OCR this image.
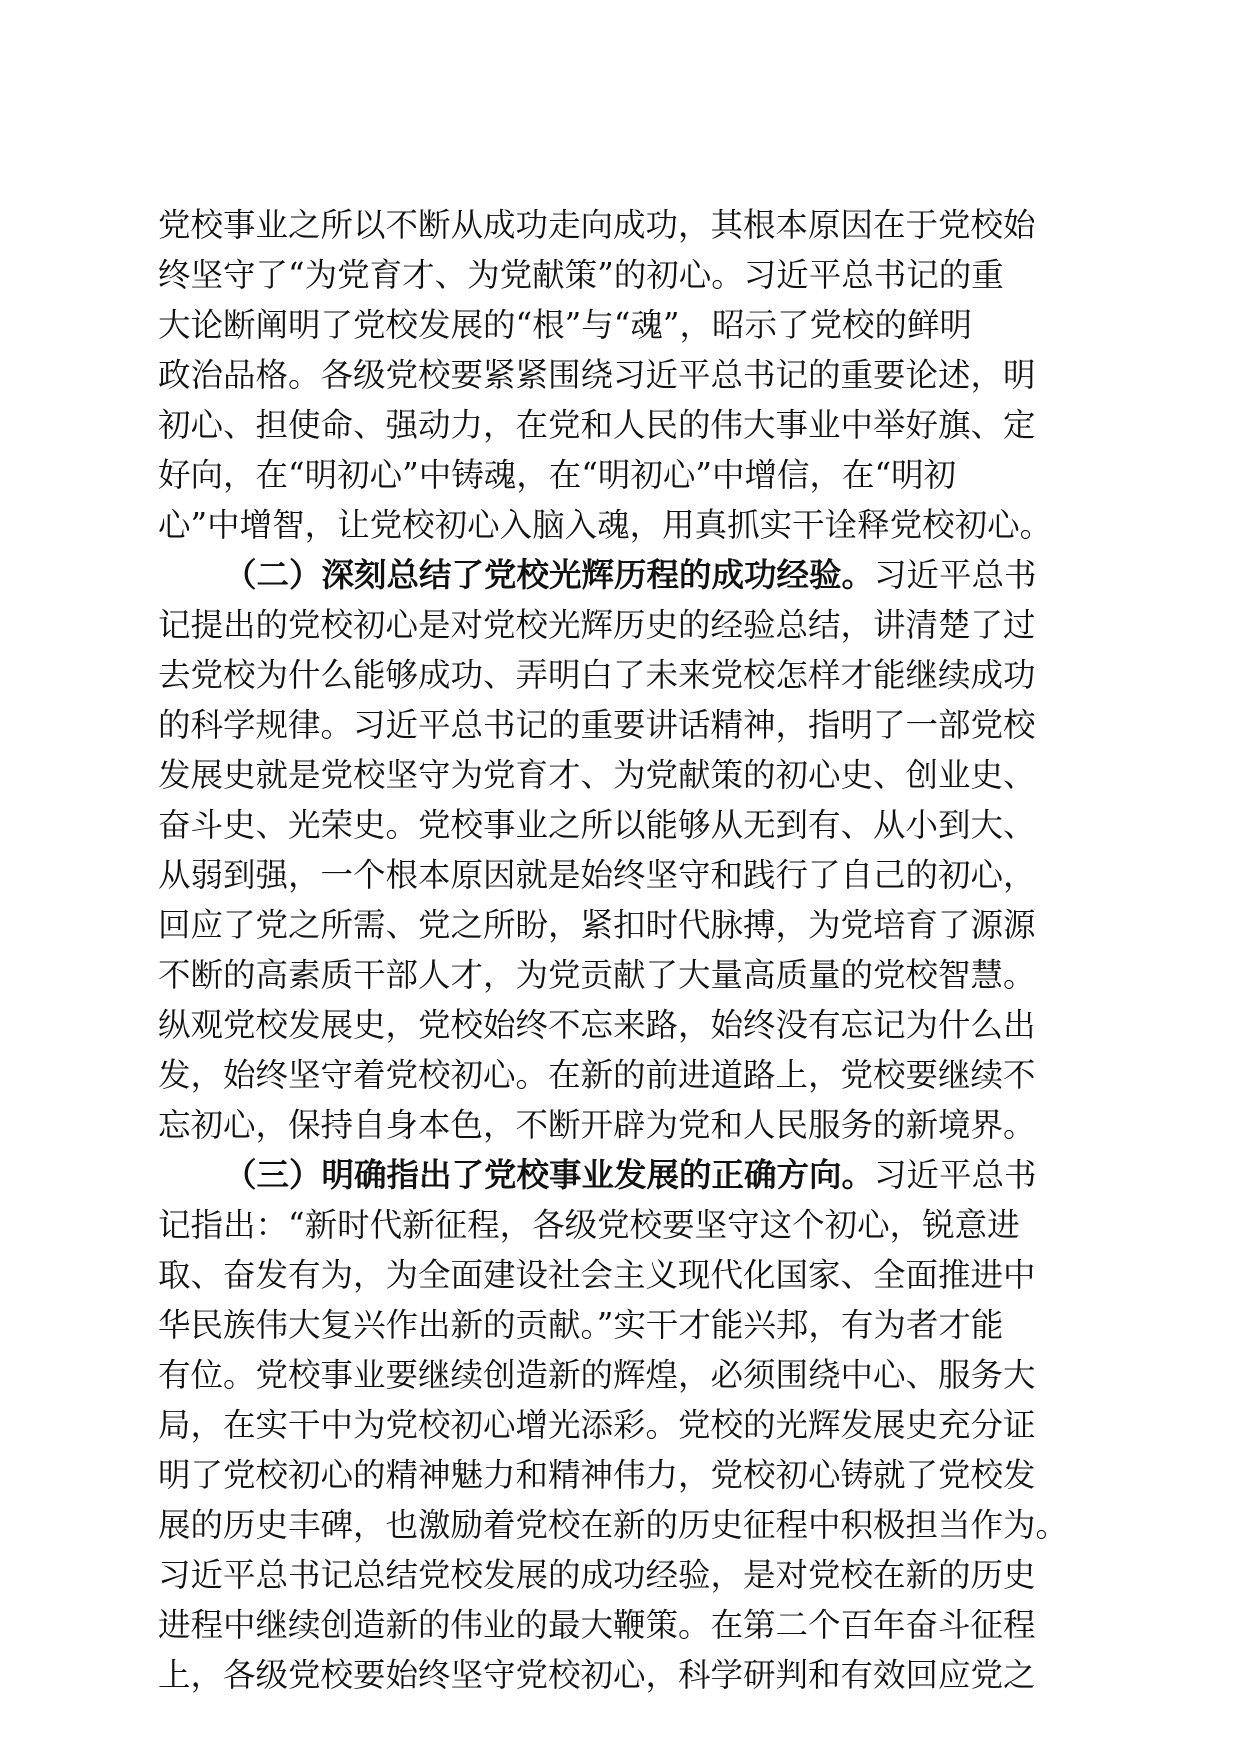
党校事业之所以不断从成功走向成功，其根本原因在于党校始
终坚守了“为党育才、为党献策”的初心。习近平总书记的重
大论断阐明了党校发展的“根”与“魂”，昭示了党校的鲜明
政治品格。各级党校要紧紧围绕习近平总书记的重要论述，明
初心、担使命、强动力，在党和人民的伟大事业中举好旗、定
好向，在“明初心”中铸魂，在“明初心”中增信，在“明初
心”中增智，让党校初心入脑入魂，用真抓实干诠释党校初心。
（二）深刻总结了党校光辉历程的成功经验。习近平总书
记提出的党校初心是对党校光辉历史的经验总结，讲清楚了过
去党校为什么能够成功、弄明白了未来党校怎样才能继续成功
的科学规律。习近平总书记的重要讲话精神，指明了一部党校
发展史就是党校坚守为党育才、为党献策的初心史、创业史、
奋斗史、光荣史。党校事业之所以能够从无到有、从小到大、
从弱到强，一个根本原因就是始终坚守和践行了自己的初心，
回应了党之所需、党之所盼，紧扣时代脉搏，为党培育了源源
不断的高素质干部人才，为党贡献了大量高质量的党校智慧。
纵观党校发展史，党校始终不忘来路，始终没有忘记为什么出
发，始终坚守着党校初心。在新的前进道路上，党校要继续不
忘初心，保持自身本色，不断开辟为党和人民服务的新境界。
（三）明确指出了党校事业发展的正确方向。习近平总书
记指出：“新时代新征程，各级党校要坚守这个初心，锐意进
取、奋发有为，为全面建设社会主义现代化国家、全面推进中
华民族伟大复兴作出新的贡献。”实干才能兴邦，有为者才能
有位。党校事业要继续创造新的辉煌，必须围绕中心、服务大
局，在实干中为党校初心增光添彩。党校的光辉发展史充分证
明了党校初心的精神魅力和精神伟力，党校初心铸就了党校发
展的历史丰碑，也激励着党校在新的历史征程中积极担当作为。
习近平总书记总结党校发展的成功经验，是对党校在新的历史
进程中继续创造新的伟业的最大鞭策。在第二个百年奋斗征程
上，各级党校要始终坚守党校初心，科学研判和有效回应党之
